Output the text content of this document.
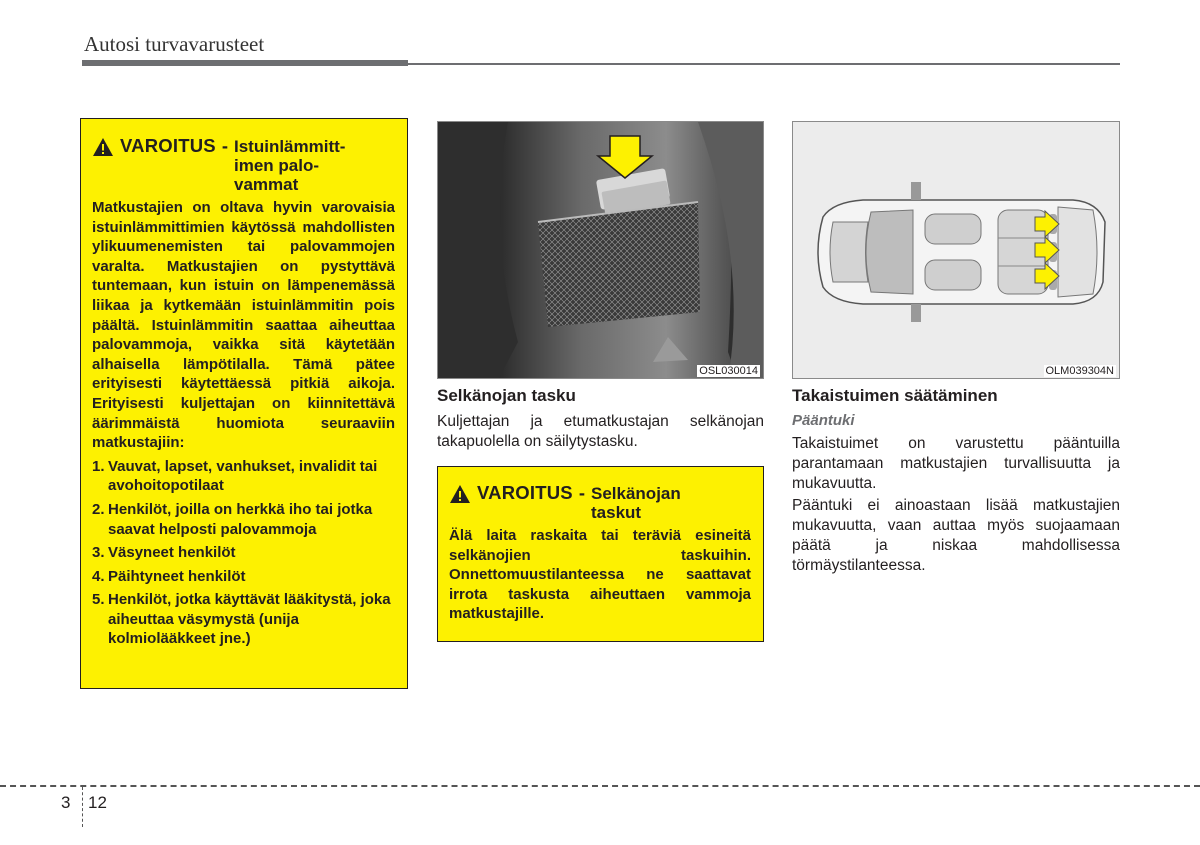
Autosi turvavarusteet
VAROITUS - Istuinlämmitt-imen palo-vammat
Matkustajien on oltava hyvin varovaisia istuinlämmittimien käytössä mahdollisten ylikuumenemisten tai palovammojen varalta. Matkustajien on pystyttävä tuntemaan, kun istuin on lämpenemässä liikaa ja kytkemään istuinlämmitin pois päältä. Istuinlämmitin saattaa aiheuttaa palovammoja, vaikka sitä käytetään alhaisella lämpötilalla. Tämä pätee erityisesti käytettäessä pitkiä aikoja. Erityisesti kuljettajan on kiinnitettävä äärimmäistä huomiota seuraaviin matkustajiin:
1. Vauvat, lapset, vanhukset, invalidit tai avohoitopotilaat
2. Henkilöt, joilla on herkkä iho tai jotka saavat helposti palovammoja
3. Väsyneet henkilöt
4. Päihtyneet henkilöt
5. Henkilöt, jotka käyttävät lääkitystä, joka aiheuttaa väsymystä (unija kolmiolääkkeet jne.)
OSL030014
Selkänojan tasku
Kuljettajan ja etumatkustajan selkänojan takapuolella on säilytystasku.
VAROITUS - Selkänojan taskut
Älä laita raskaita tai teräviä esineitä selkänojien taskuihin. Onnettomuustilanteessa ne saattavat irrota taskusta aiheuttaen vammoja matkustajille.
OLM039304N
Takaistuimen säätäminen
Pääntuki
Takaistuimet on varustettu pääntuilla parantamaan matkustajien turvallisuutta ja mukavuutta.
Pääntuki ei ainoastaan lisää matkustajien mukavuutta, vaan auttaa myös suojaamaan päätä ja niskaa mahdollisessa törmäystilanteessa.
3 12
